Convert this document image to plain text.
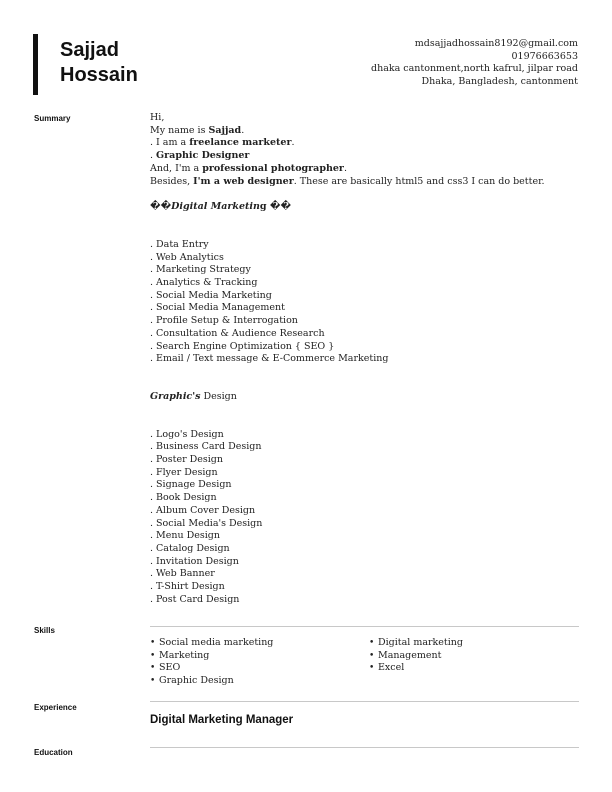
Sajjad
Hossain
mdsajjadhossain8192@gmail.com
01976663653
dhaka cantonment,north kafrul, jilpar road
Dhaka, Bangladesh, cantonment
Summary	Hi,

My name is Sajjad.

. I am a freelance marketer.

. Graphic Designer

And, I'm a professional photographer.

Besides, I'm a web designer. These are basically html5 and css3 I can do better.

��Digital Marketing ��

. Data Entry
. Web Analytics
. Marketing Strategy
. Analytics & Tracking
. Social Media Marketing
. Social Media Management
. Profile Setup & Interrogation
. Consultation & Audience Research
. Search Engine Optimization { SEO }
. Email / Text message & E-Commerce Marketing

Graphic's Design

. Logo's Design
. Business Card Design
. Poster Design
. Flyer Design
. Signage Design
. Book Design
. Album Cover Design
. Social Media's Design
. Menu Design
. Catalog Design
. Invitation Design
. Web Banner
. T-Shirt Design
. Post Card Design
Skills
• Social media marketing
• Marketing
• SEO
• Graphic Design
• Digital marketing
• Management
• Excel
Experience
Digital Marketing Manager
Education
